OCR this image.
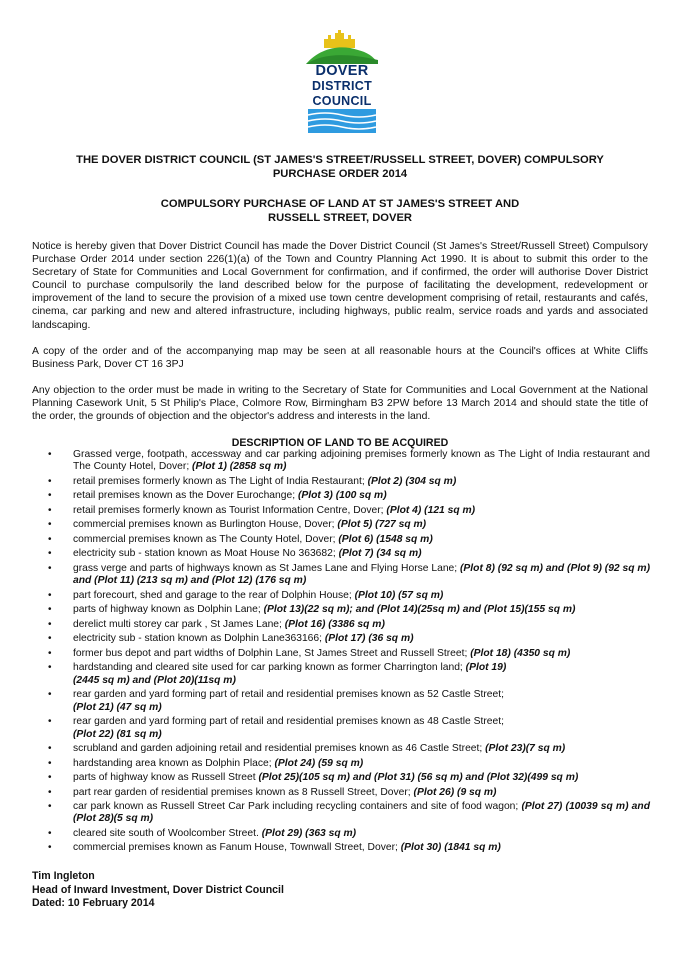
DOVER
DISTRICT
COUNCIL
THE DOVER DISTRICT COUNCIL (ST JAMES'S STREET/RUSSELL STREET, DOVER) COMPULSORY
PURCHASE ORDER 2014
COMPULSORY PURCHASE OF LAND AT ST JAMES'S STREET AND
RUSSELL STREET, DOVER
Notice is hereby given that Dover District Council has made the Dover District Council (St James's Street/Russell Street) Compulsory Purchase Order 2014 under section 226(1)(a) of the Town and Country Planning Act 1990. It is about to submit this order to the Secretary of State for Communities and Local Government for confirmation, and if confirmed, the order will authorise Dover District Council to purchase compulsorily the land described below for the purpose of facilitating the development, redevelopment or improvement of the land to secure the provision of a mixed use town centre development comprising of retail, restaurants and cafés, cinema, car parking and new and altered infrastructure, including highways, public realm, service roads and yards and associated landscaping.
A copy of the order and of the accompanying map may be seen at all reasonable hours at the Council's offices at White Cliffs Business Park, Dover CT 16 3PJ
Any objection to the order must be made in writing to the Secretary of State for Communities and Local Government at the National Planning Casework Unit, 5 St Philip's Place, Colmore Row, Birmingham B3 2PW before 13 March 2014 and should state the title of the order, the grounds of objection and the objector's address and interests in the land.
DESCRIPTION OF LAND TO BE ACQUIRED
• Grassed verge, footpath, accessway and car parking adjoining premises formerly known as The Light of India restaurant and The County Hotel, Dover; (Plot 1) (2858 sq m)
• retail premises formerly known as The Light of India Restaurant; (Plot 2) (304 sq m)
• retail premises known as the Dover Eurochange; (Plot 3) (100 sq m)
• retail premises formerly known as Tourist Information Centre, Dover; (Plot 4) (121 sq m)
• commercial premises known as Burlington House, Dover; (Plot 5) (727 sq m)
• commercial premises known as The County Hotel, Dover; (Plot 6) (1548 sq m)
• electricity sub - station known as Moat House No 363682; (Plot 7) (34 sq m)
• grass verge and parts of highways known as St James Lane and Flying Horse Lane; (Plot 8) (92 sq m) and (Plot 9) (92 sq m) and (Plot 11) (213 sq m) and (Plot 12) (176 sq m)
• part forecourt, shed and garage to the rear of Dolphin House; (Plot 10) (57 sq m)
• parts of highway known as Dolphin Lane; (Plot 13)(22 sq m); and (Plot 14)(25sq m) and (Plot 15)(155 sq m)
• derelict multi storey car park , St James Lane; (Plot 16) (3386 sq m)
• electricity sub - station known as Dolphin Lane363166; (Plot 17) (36 sq m)
• former bus depot and part widths of Dolphin Lane, St James Street and Russell Street; (Plot 18) (4350 sq m)
• hardstanding and cleared site used for car parking known as former Charrington land; (Plot 19)
(2445 sq m) and (Plot 20)(11sq m)
• rear garden and yard forming part of retail and residential premises known as 52 Castle Street;
(Plot 21) (47 sq m)
• rear garden and yard forming part of retail and residential premises known as 48 Castle Street;
(Plot 22) (81 sq m)
• scrubland and garden adjoining retail and residential premises known as 46 Castle Street; (Plot 23)(7 sq m)
• hardstanding area known as Dolphin Place; (Plot 24) (59 sq m)
• parts of highway know as Russell Street (Plot 25)(105 sq m) and (Plot 31) (56 sq m) and (Plot 32)(499 sq m)
• part rear garden of residential premises known as 8 Russell Street, Dover; (Plot 26) (9 sq m)
• car park known as Russell Street Car Park including recycling containers and site of food wagon; (Plot 27) (10039 sq m) and (Plot 28)(5 sq m)
• cleared site south of Woolcomber Street. (Plot 29) (363 sq m)
• commercial premises known as Fanum House, Townwall Street, Dover; (Plot 30) (1841 sq m)
Tim Ingleton
Head of Inward Investment, Dover District Council
Dated: 10 February 2014
